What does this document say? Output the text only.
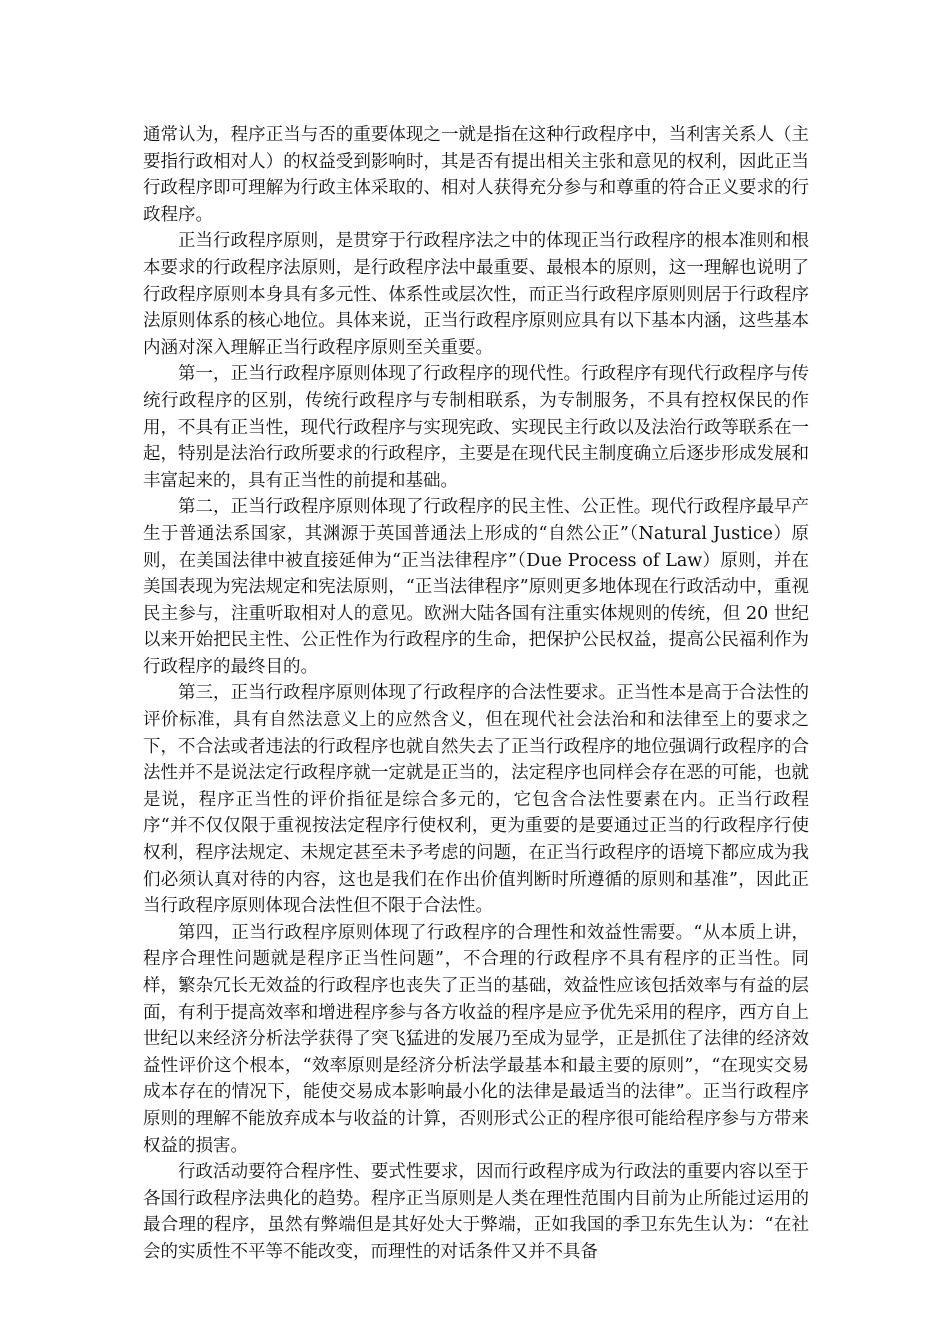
通常认为，程序正当与否的重要体现之一就是指在这种行政程序中，当利害关系人（主要指行政相对人）的权益受到影响时，其是否有提出相关主张和意见的权利，因此正当行政程序即可理解为行政主体采取的、相对人获得充分参与和尊重的符合正义要求的行政程序。

正当行政程序原则，是贯穿于行政程序法之中的体现正当行政程序的根本准则和根本要求的行政程序法原则，是行政程序法中最重要、最根本的原则，这一理解也说明了行政程序原则本身具有多元性、体系性或层次性，而正当行政程序原则则居于行政程序法原则体系的核心地位。具体来说，正当行政程序原则应具有以下基本内涵，这些基本内涵对深入理解正当行政程序原则至关重要。

第一，正当行政程序原则体现了行政程序的现代性。行政程序有现代行政程序与传统行政程序的区别，传统行政程序与专制相联系，为专制服务，不具有控权保民的作用，不具有正当性，现代行政程序与实现宪政、实现民主行政以及法治行政等联系在一起，特别是法治行政所要求的行政程序，主要是在现代民主制度确立后逐步形成发展和丰富起来的，具有正当性的前提和基础。

第二，正当行政程序原则体现了行政程序的民主性、公正性。现代行政程序最早产生于普通法系国家，其渊源于英国普通法上形成的“自然公正”（Natural Justice）原则，在美国法律中被直接延伸为“正当法律程序”（Due Process of Law）原则，并在美国表现为宪法规定和宪法原则，“正当法律程序”原则更多地体现在行政活动中，重视民主参与，注重听取相对人的意见。欧洲大陆各国有注重实体规则的传统，但 20 世纪以来开始把民主性、公正性作为行政程序的生命，把保护公民权益，提高公民福利作为行政程序的最终目的。

第三，正当行政程序原则体现了行政程序的合法性要求。正当性本是高于合法性的评价标准，具有自然法意义上的应然含义，但在现代社会法治和和法律至上的要求之下，不合法或者违法的行政程序也就自然失去了正当行政程序的地位强调行政程序的合法性并不是说法定行政程序就一定就是正当的，法定程序也同样会存在恶的可能，也就是说，程序正当性的评价指征是综合多元的，它包含合法性要素在内。正当行政程序“并不仅仅限于重视按法定程序行使权利，更为重要的是要通过正当的行政程序行使权利，程序法规定、未规定甚至未予考虑的问题，在正当行政程序的语境下都应成为我们必须认真对待的内容，这也是我们在作出价值判断时所遵循的原则和基准”，因此正当行政程序原则体现合法性但不限于合法性。

第四，正当行政程序原则体现了行政程序的合理性和效益性需要。“从本质上讲，程序合理性问题就是程序正当性问题”，不合理的行政程序不具有程序的正当性。同样，繁杂冗长无效益的行政程序也丧失了正当的基础，效益性应该包括效率与有益的层面，有利于提高效率和增进程序参与各方收益的程序是应予优先采用的程序，西方自上世纪以来经济分析法学获得了突飞猛进的发展乃至成为显学，正是抓住了法律的经济效益性评价这个根本，“效率原则是经济分析法学最基本和最主要的原则”，“在现实交易成本存在的情况下，能使交易成本影响最小化的法律是最适当的法律”。正当行政程序原则的理解不能放弃成本与收益的计算，否则形式公正的程序很可能给程序参与方带来权益的损害。

行政活动要符合程序性、要式性要求，因而行政程序成为行政法的重要内容以至于各国行政程序法典化的趋势。程序正当原则是人类在理性范围内目前为止所能过运用的最合理的程序，虽然有弊端但是其好处大于弊端，正如我国的季卫东先生认为：“在社会的实质性不平等不能改变，而理性的对话条件又并不具备
